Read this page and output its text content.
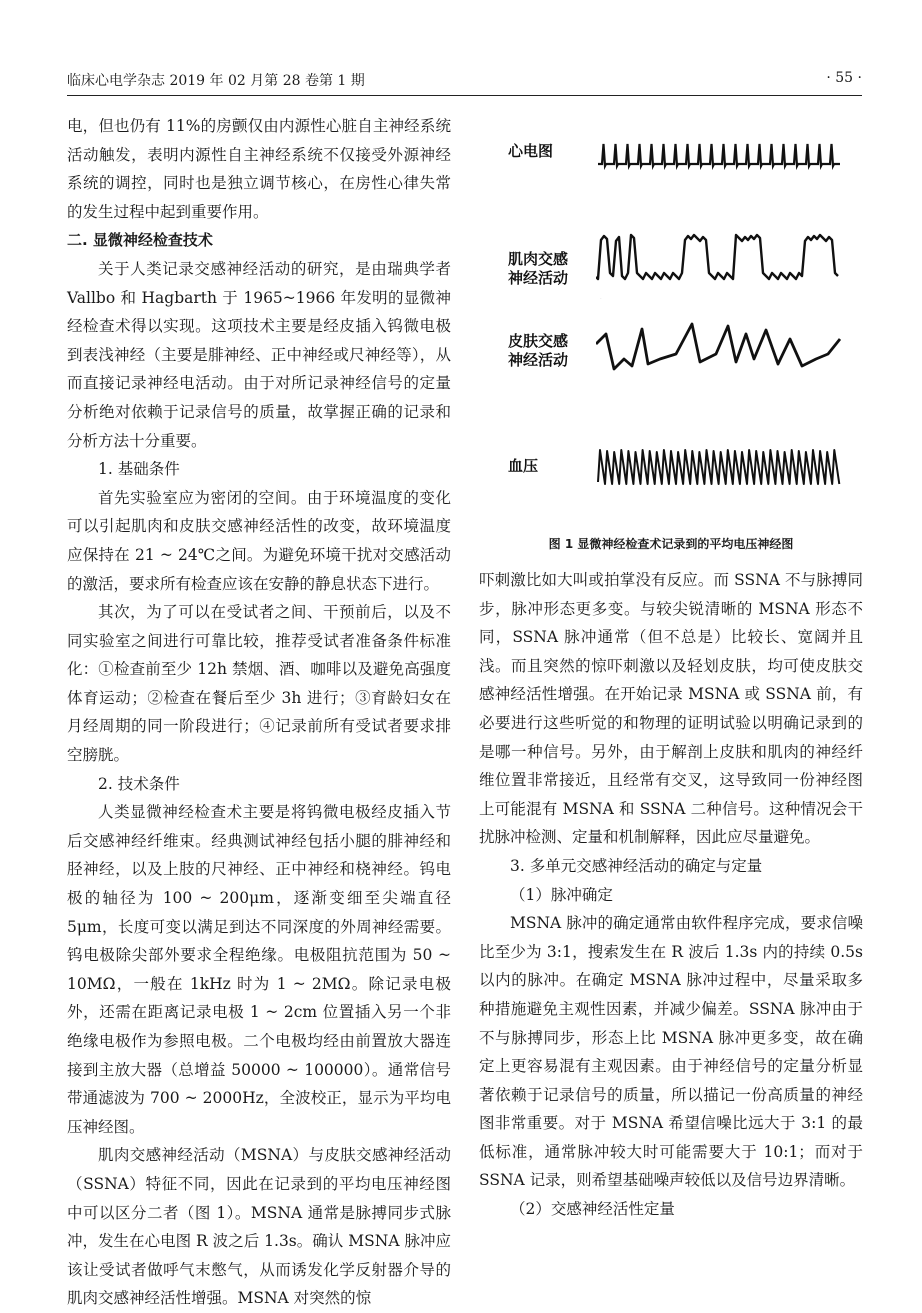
临床心电学杂志 2019 年 02 月第 28 卷第 1 期	· 55 ·

电，但也仍有 11%的房颤仅由内源性心脏自主神经系统活动触发，表明内源性自主神经系统不仅接受外源神经系统的调控，同时也是独立调节核心，在房性心律失常的发生过程中起到重要作用。

二. 显微神经检查技术

关于人类记录交感神经活动的研究，是由瑞典学者 Vallbo 和 Hagbarth 于 1965~1966 年发明的显微神经检查术得以实现。这项技术主要是经皮插入钨微电极到表浅神经（主要是腓神经、正中神经或尺神经等），从而直接记录神经电活动。由于对所记录神经信号的定量分析绝对依赖于记录信号的质量，故掌握正确的记录和分析方法十分重要。

1. 基础条件

首先实验室应为密闭的空间。由于环境温度的变化可以引起肌肉和皮肤交感神经活性的改变，故环境温度应保持在 21 ~ 24℃之间。为避免环境干扰对交感活动的激活，要求所有检查应该在安静的静息状态下进行。

其次，为了可以在受试者之间、干预前后，以及不同实验室之间进行可靠比较，推荐受试者准备条件标准化：①检查前至少 12h 禁烟、酒、咖啡以及避免高强度体育运动；②检查在餐后至少 3h 进行；③育龄妇女在月经周期的同一阶段进行；④记录前所有受试者要求排空膀胱。

2. 技术条件

人类显微神经检查术主要是将钨微电极经皮插入节后交感神经纤维束。经典测试神经包括小腿的腓神经和胫神经，以及上肢的尺神经、正中神经和桡神经。钨电极的轴径为 100 ~ 200μm，逐渐变细至尖端直径 5μm，长度可变以满足到达不同深度的外周神经需要。钨电极除尖部外要求全程绝缘。电极阻抗范围为 50 ~ 10MΩ，一般在 1kHz 时为 1 ~ 2MΩ。除记录电极外，还需在距离记录电极 1 ~ 2cm 位置插入另一个非绝缘电极作为参照电极。二个电极均经由前置放大器连接到主放大器（总增益 50000 ~ 100000）。通常信号带通滤波为 700 ~ 2000Hz，全波校正，显示为平均电压神经图。

肌肉交感神经活动（MSNA）与皮肤交感神经活动（SSNA）特征不同，因此在记录到的平均电压神经图中可以区分二者（图 1）。MSNA 通常是脉搏同步式脉冲，发生在心电图 R 波之后 1.3s。确认 MSNA 脉冲应该让受试者做呼气末憋气，从而诱发化学反射器介导的肌肉交感神经活性增强。MSNA 对突然的惊

心电图
肌肉交感神经活动
皮肤交感神经活动
血压
图 1 显微神经检查术记录到的平均电压神经图

吓刺激比如大叫或拍掌没有反应。而 SSNA 不与脉搏同步，脉冲形态更多变。与较尖锐清晰的 MSNA 形态不同，SSNA 脉冲通常（但不总是）比较长、宽阔并且浅。而且突然的惊吓刺激以及轻划皮肤，均可使皮肤交感神经活性增强。在开始记录 MSNA 或 SSNA 前，有必要进行这些听觉的和物理的证明试验以明确记录到的是哪一种信号。另外，由于解剖上皮肤和肌肉的神经纤维位置非常接近，且经常有交叉，这导致同一份神经图上可能混有 MSNA 和 SSNA 二种信号。这种情况会干扰脉冲检测、定量和机制解释，因此应尽量避免。

3. 多单元交感神经活动的确定与定量
（1）脉冲确定

MSNA 脉冲的确定通常由软件程序完成，要求信噪比至少为 3:1，搜索发生在 R 波后 1.3s 内的持续 0.5s 以内的脉冲。在确定 MSNA 脉冲过程中，尽量采取多种措施避免主观性因素，并减少偏差。SSNA 脉冲由于不与脉搏同步，形态上比 MSNA 脉冲更多变，故在确定上更容易混有主观因素。由于神经信号的定量分析显著依赖于记录信号的质量，所以描记一份高质量的神经图非常重要。对于 MSNA 希望信噪比远大于 3:1 的最低标准，通常脉冲较大时可能需要大于 10:1；而对于 SSNA 记录，则希望基础噪声较低以及信号边界清晰。

（2）交感神经活性定量
